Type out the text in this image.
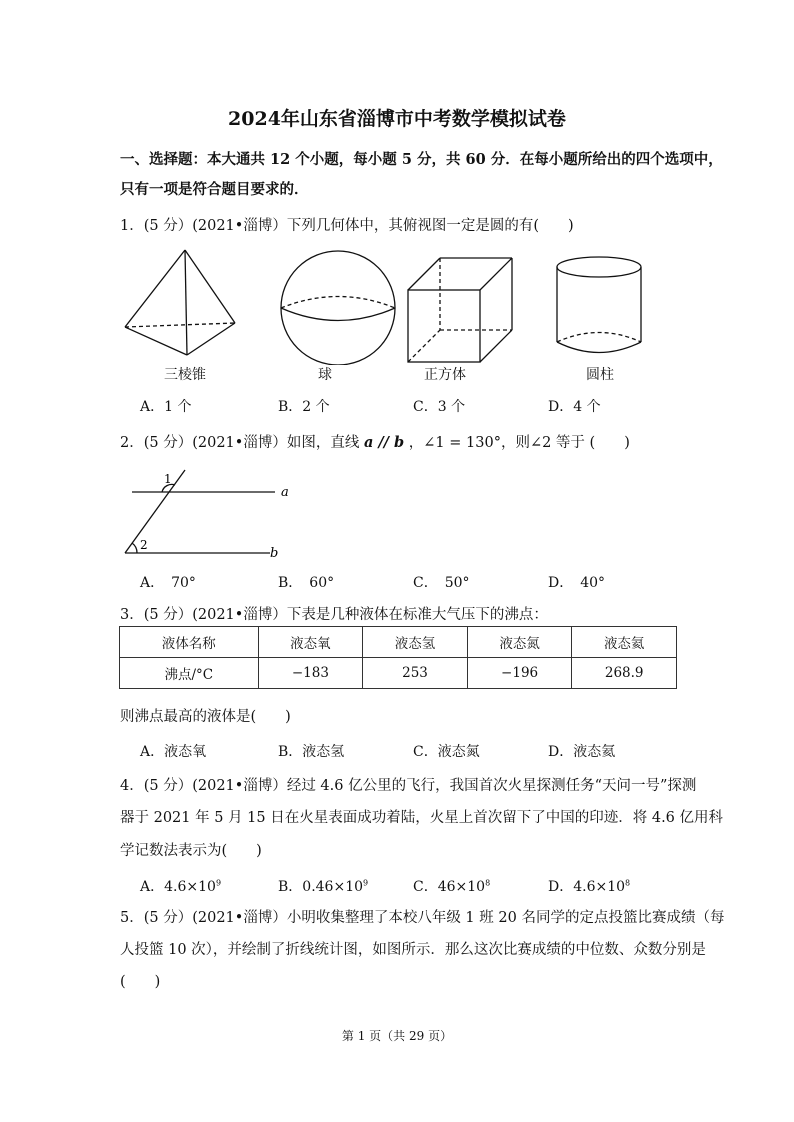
2024年山东省淄博市中考数学模拟试卷
一、选择题：本大通共 12 个小题，每小题 5 分，共 60 分．在每小题所给出的四个选项中，
只有一项是符合题目要求的．
1．(5 分）(2021•淄博）下列几何体中，其俯视图一定是圆的有(　　)
三棱锥	球	正方体	圆柱
A．1 个	B．2 个	C．3 个	D．4 个
2．(5 分）(2021•淄博）如图，直线 a // b ，∠1 = 130°，则∠2 等于 (　　)
1
2
a
b
A．　70°	B．　60°	C．　50°	D．　40°
3．(5 分）(2021•淄博）下表是几种液体在标准大气压下的沸点：
液体名称	液态氧	液态氢	液态氮	液态氦
沸点/°C	−183	253	−196	268.9
则沸点最高的液体是(　　)
A．液态氧	B．液态氢	C．液态氮	D．液态氦
4．(5 分）(2021•淄博）经过 4.6 亿公里的飞行，我国首次火星探测任务“天问一号”探测
器于 2021 年 5 月 15 日在火星表面成功着陆，火星上首次留下了中国的印迹．将 4.6 亿用科
学记数法表示为(　　)
A．$4.6\times 10^9$	B．$0.46\times 10^9$	C．$46\times 10^8$	D．$4.6\times 10^8$
5．(5 分）(2021•淄博）小明收集整理了本校八年级 1 班 20 名同学的定点投篮比赛成绩（每
人投篮 10 次），并绘制了折线统计图，如图所示．那么这次比赛成绩的中位数、众数分别是
(　　)
第 1 页（共 29 页）
